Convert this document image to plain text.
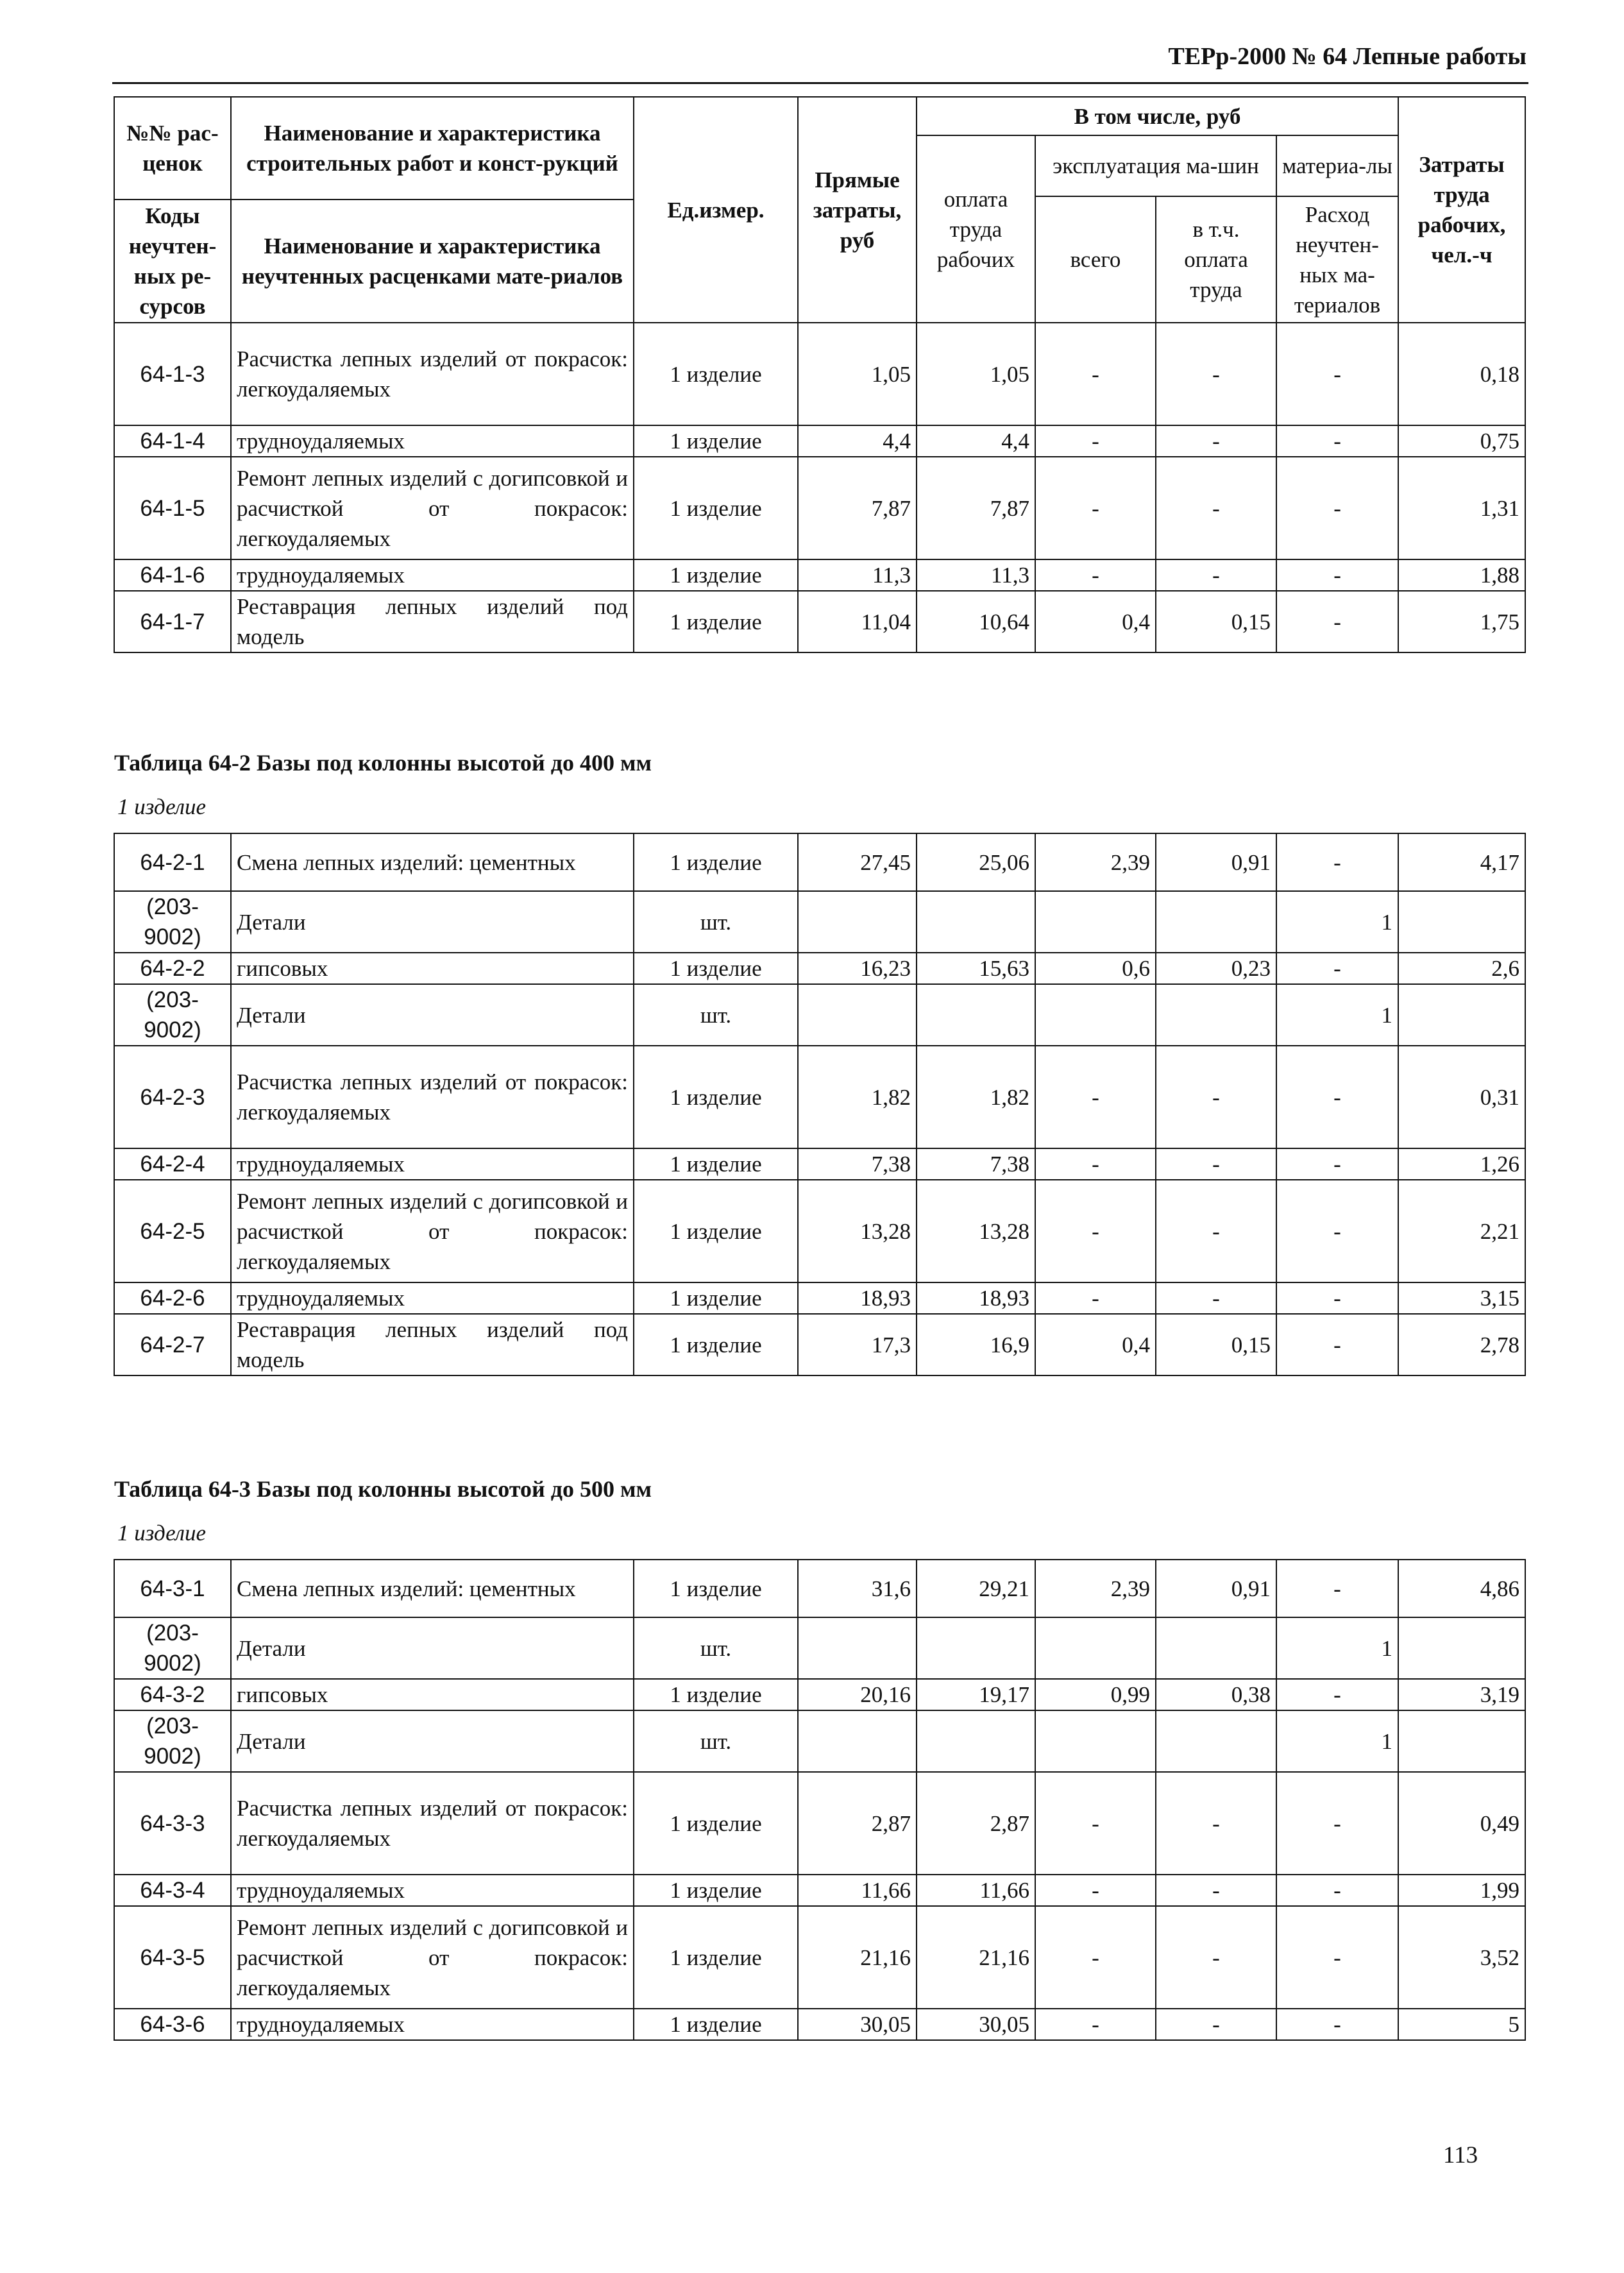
ТЕРр-2000 № 64 Лепные работы
№№ рас-ценок	Наименование и характеристика строительных работ и конст-рукций	Ед.измер.	Прямые затраты, руб	В том числе, руб				Затраты труда рабочих, чел.-ч
				оплата труда рабочих	эксплуатация ма-шин		материа-лы	
					всего	в т.ч. оплата труда	Расход неучтен-ных ма-териалов	
Коды неучтен-ных ре-сурсов	Наименование и характеристика неучтенных расценками мате-риалов							

64-1-3	Расчистка лепных изделий от покрасок: легкоудаляемых	1 изделие	1,05	1,05	-	-	-	0,18
64-1-4	трудноудаляемых	1 изделие	4,4	4,4	-	-	-	0,75
64-1-5	Ремонт лепных изделий с догипсовкой и расчисткой от покрасок: легкоудаляемых	1 изделие	7,87	7,87	-	-	-	1,31
64-1-6	трудноудаляемых	1 изделие	11,3	11,3	-	-	-	1,88
64-1-7	Реставрация лепных изделий под модель	1 изделие	11,04	10,64	0,4	0,15	-	1,75
Таблица 64-2 Базы под колонны высотой до 400 мм
1 изделие
64-2-1	Смена лепных изделий: цементных	1 изделие	27,45	25,06	2,39	0,91	-	4,17
(203-9002)	Детали	шт.					1	
64-2-2	гипсовых	1 изделие	16,23	15,63	0,6	0,23	-	2,6
(203-9002)	Детали	шт.					1	
64-2-3	Расчистка лепных изделий от покрасок: легкоудаляемых	1 изделие	1,82	1,82	-	-	-	0,31
64-2-4	трудноудаляемых	1 изделие	7,38	7,38	-	-	-	1,26
64-2-5	Ремонт лепных изделий с догипсовкой и расчисткой от покрасок: легкоудаляемых	1 изделие	13,28	13,28	-	-	-	2,21
64-2-6	трудноудаляемых	1 изделие	18,93	18,93	-	-	-	3,15
64-2-7	Реставрация лепных изделий под модель	1 изделие	17,3	16,9	0,4	0,15	-	2,78
Таблица 64-3 Базы под колонны высотой до 500 мм
1 изделие
64-3-1	Смена лепных изделий: цементных	1 изделие	31,6	29,21	2,39	0,91	-	4,86
(203-9002)	Детали	шт.					1	
64-3-2	гипсовых	1 изделие	20,16	19,17	0,99	0,38	-	3,19
(203-9002)	Детали	шт.					1	
64-3-3	Расчистка лепных изделий от покрасок: легкоудаляемых	1 изделие	2,87	2,87	-	-	-	0,49
64-3-4	трудноудаляемых	1 изделие	11,66	11,66	-	-	-	1,99
64-3-5	Ремонт лепных изделий с догипсовкой и расчисткой от покрасок: легкоудаляемых	1 изделие	21,16	21,16	-	-	-	3,52
64-3-6	трудноудаляемых	1 изделие	30,05	30,05	-	-	-	5
113
